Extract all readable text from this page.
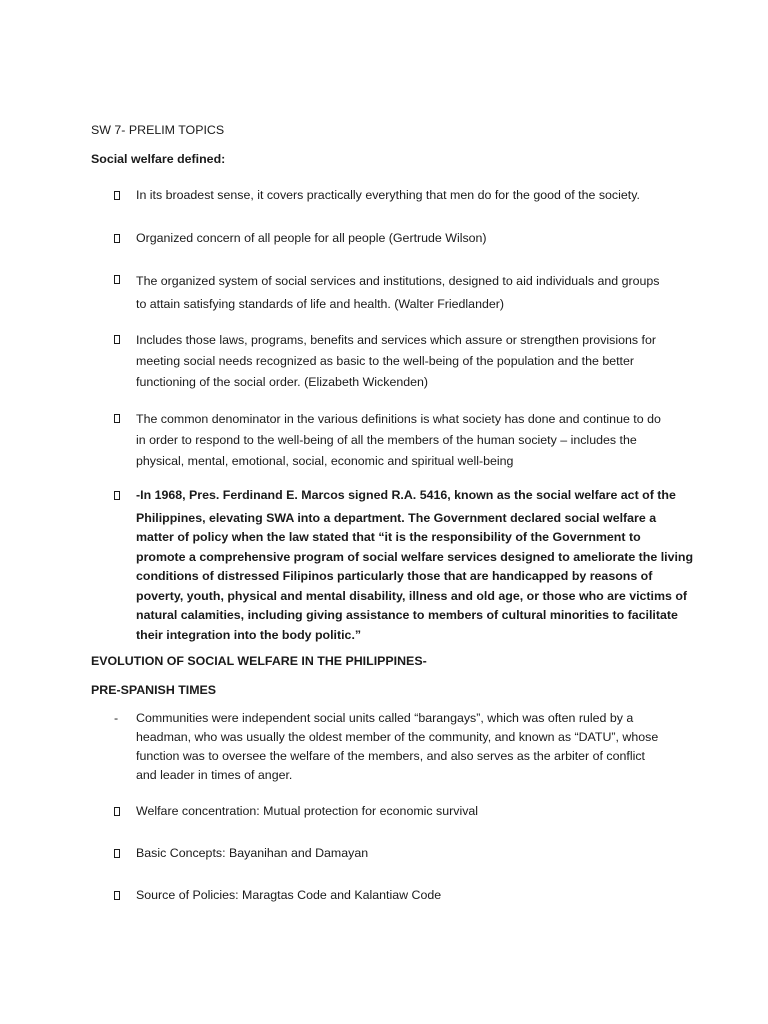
SW 7- PRELIM TOPICS
Social welfare defined:
In its broadest sense, it covers practically everything that men do for the good of the society.
Organized concern of all people for all people (Gertrude Wilson)
The organized system of social services and institutions, designed to aid individuals and groups
to attain satisfying standards of life and health. (Walter Friedlander)
Includes those laws, programs, benefits and services which assure or strengthen provisions for
meeting social needs recognized as basic to the well-being of the population and the better
functioning of the social order. (Elizabeth Wickenden)
The common denominator in the various definitions is what society has done and continue to do
in order to respond to the well-being of all the members of the human society – includes the
physical, mental, emotional, social, economic and spiritual well-being
-In 1968, Pres. Ferdinand E. Marcos signed R.A. 5416, known as the social welfare act of the
Philippines, elevating SWA into a department. The Government declared social welfare a
matter of policy when the law stated that “it is the responsibility of the Government to
promote a comprehensive program of social welfare services designed to ameliorate the living
conditions of distressed Filipinos particularly those that are handicapped by reasons of
poverty, youth, physical and mental disability, illness and old age, or those who are victims of
natural calamities, including giving assistance to members of cultural minorities to facilitate
their integration into the body politic.”
EVOLUTION OF SOCIAL WELFARE IN THE PHILIPPINES-
PRE-SPANISH TIMES
- Communities were independent social units called “barangays”, which was often ruled by a
headman, who was usually the oldest member of the community, and known as “DATU”, whose
function was to oversee the welfare of the members, and also serves as the arbiter of conflict
and leader in times of anger.
Welfare concentration: Mutual protection for economic survival
Basic Concepts: Bayanihan and Damayan
Source of Policies: Maragtas Code and Kalantiaw Code
